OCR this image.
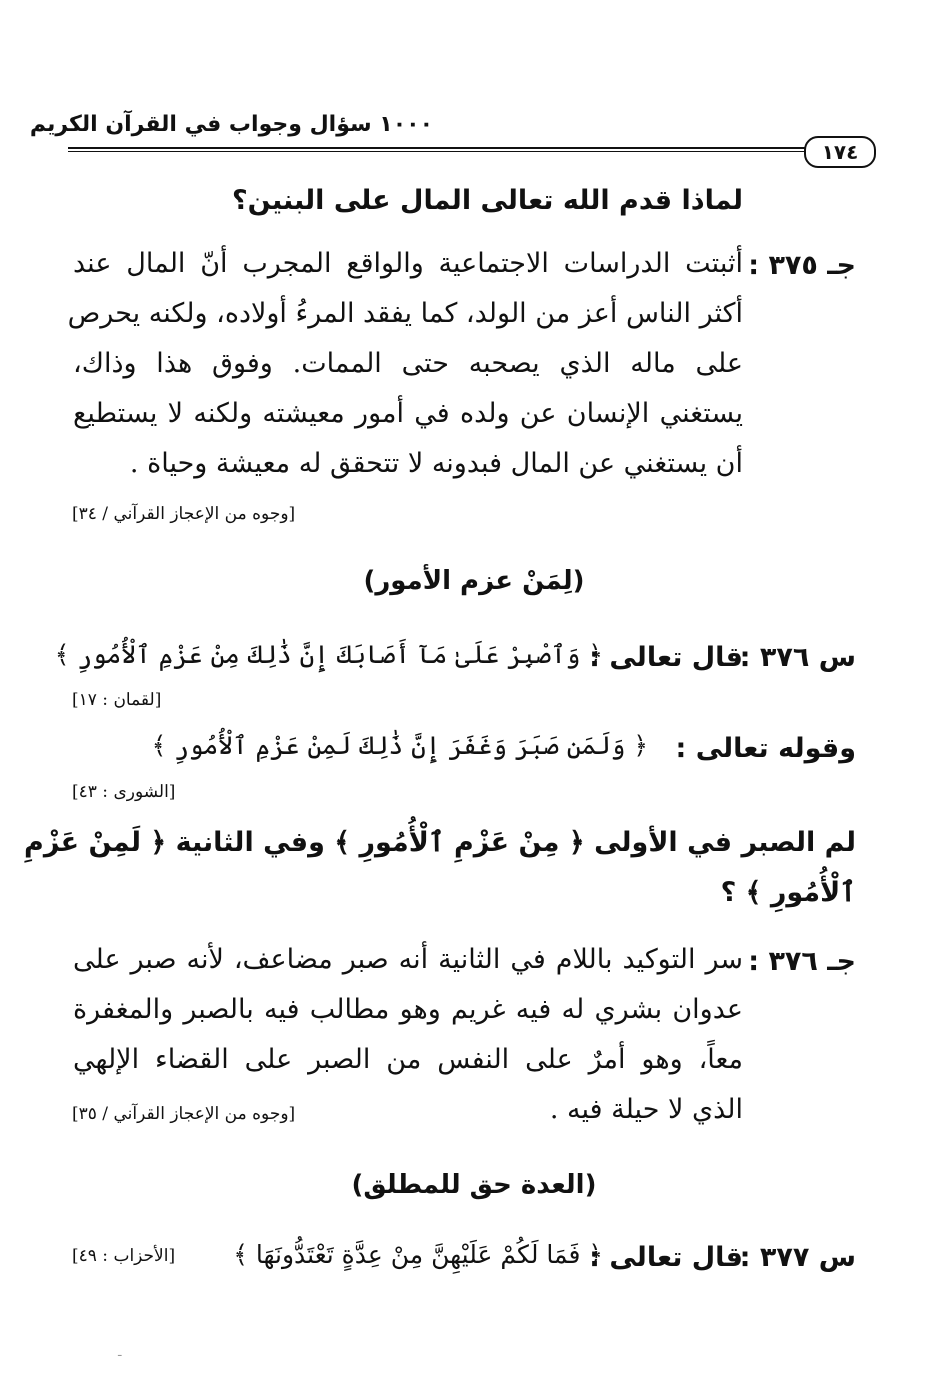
١٠٠٠ سؤال وجواب في القرآن الكريم
١٧٤
لماذا قدم الله تعالى المال على البنين؟
جـ ٣٧٥ :
أثبتت الدراسات الاجتماعية والواقع المجرب أنّ المال عند
أكثر الناس أعز من الولد، كما يفقد المرءُ أولاده، ولكنه يحرص
على ماله الذي يصحبه حتى الممات. وفوق هذا وذاك،
يستغني الإنسان عن ولده في أمور معيشته ولكنه لا يستطيع
أن يستغني عن المال فبدونه لا تتحقق له معيشة وحياة .
[وجوه من الإعجاز القرآني / ٣٤]
(لِمَنْ عزم الأمور)
س ٣٧٦ :
قال تعالى :
﴿ وَٱصْبِرْ عَلَىٰ مَآ أَصَابَكَ إِنَّ ذَٰلِكَ مِنْ عَزْمِ ٱلْأُمُورِ ﴾
[لقمان : ١٧]
وقوله تعالى :
﴿ وَلَمَن صَبَرَ وَغَفَرَ إِنَّ ذَٰلِكَ لَمِنْ عَزْمِ ٱلْأُمُورِ ﴾
[الشورى : ٤٣]
لم الصبر في الأولى ﴿ مِنْ عَزْمِ ٱلْأُمُورِ ﴾ وفي الثانية ﴿ لَمِنْ عَزْمِ
ٱلْأُمُورِ ﴾ ؟
جـ ٣٧٦ :
سر التوكيد باللام في الثانية أنه صبر مضاعف، لأنه صبر على
عدوان بشري له فيه غريم وهو مطالب فيه بالصبر والمغفرة
معاً، وهو أمرٌ على النفس من الصبر على القضاء الإلهي
الذي لا حيلة فيه .
[وجوه من الإعجاز القرآني / ٣٥]
(العدة حق للمطلق)
س ٣٧٧ :
قال تعالى :
﴿ فَمَا لَكُمْ عَلَيْهِنَّ مِنْ عِدَّةٍ تَعْتَدُّونَهَا ﴾
[الأحزاب : ٤٩]
ـ
